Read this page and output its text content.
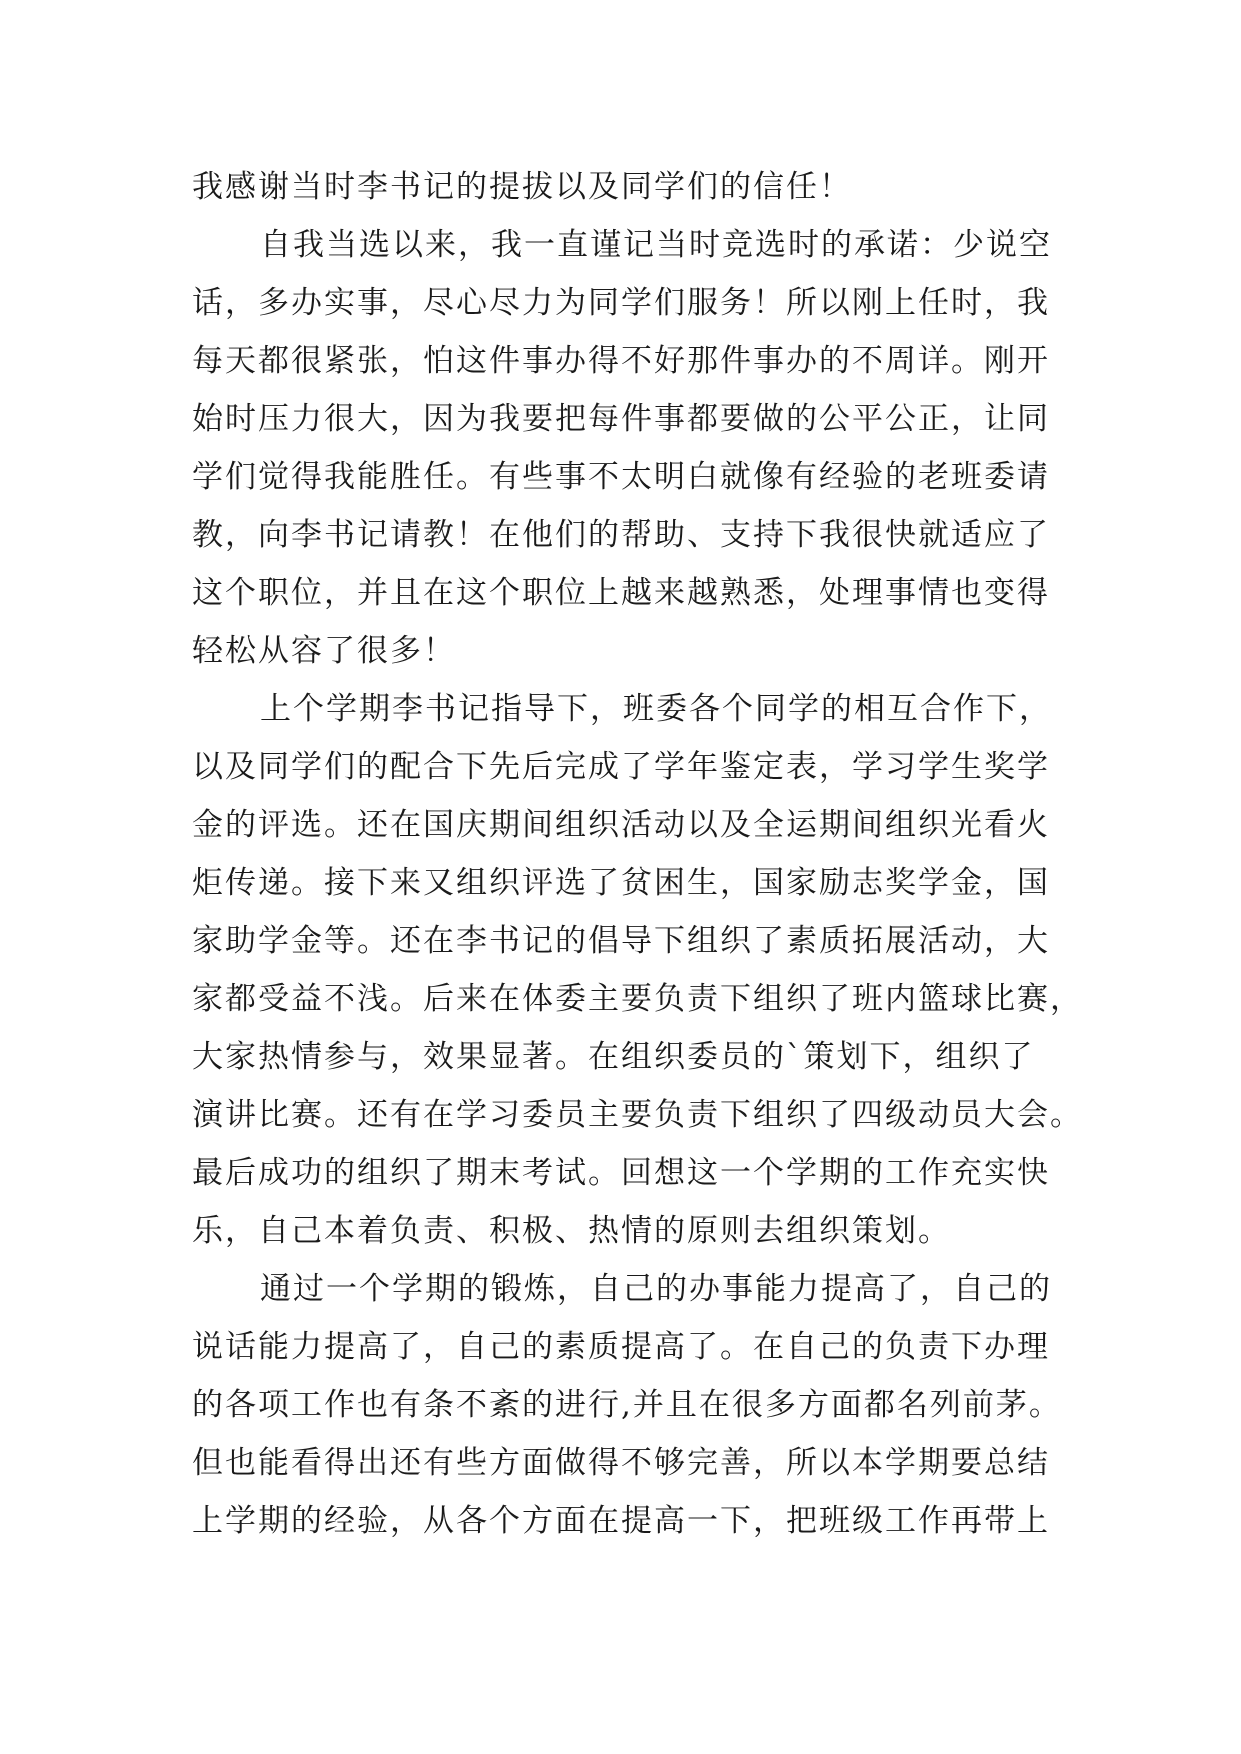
我感谢当时李书记的提拔以及同学们的信任！
自我当选以来，我一直谨记当时竞选时的承诺：少说空
话，多办实事，尽心尽力为同学们服务！所以刚上任时，我
每天都很紧张，怕这件事办得不好那件事办的不周详。刚开
始时压力很大，因为我要把每件事都要做的公平公正，让同
学们觉得我能胜任。有些事不太明白就像有经验的老班委请
教，向李书记请教！在他们的帮助、支持下我很快就适应了
这个职位，并且在这个职位上越来越熟悉，处理事情也变得
轻松从容了很多！
上个学期李书记指导下，班委各个同学的相互合作下，
以及同学们的配合下先后完成了学年鉴定表，学习学生奖学
金的评选。还在国庆期间组织活动以及全运期间组织光看火
炬传递。接下来又组织评选了贫困生，国家励志奖学金，国
家助学金等。还在李书记的倡导下组织了素质拓展活动，大
家都受益不浅。后来在体委主要负责下组织了班内篮球比赛，
大家热情参与，效果显著。在组织委员的`策划下，组织了
演讲比赛。还有在学习委员主要负责下组织了四级动员大会。
最后成功的组织了期末考试。回想这一个学期的工作充实快
乐，自己本着负责、积极、热情的原则去组织策划。
通过一个学期的锻炼，自己的办事能力提高了，自己的
说话能力提高了，自己的素质提高了。在自己的负责下办理
的各项工作也有条不紊的进行,并且在很多方面都名列前茅。
但也能看得出还有些方面做得不够完善，所以本学期要总结
上学期的经验，从各个方面在提高一下，把班级工作再带上
